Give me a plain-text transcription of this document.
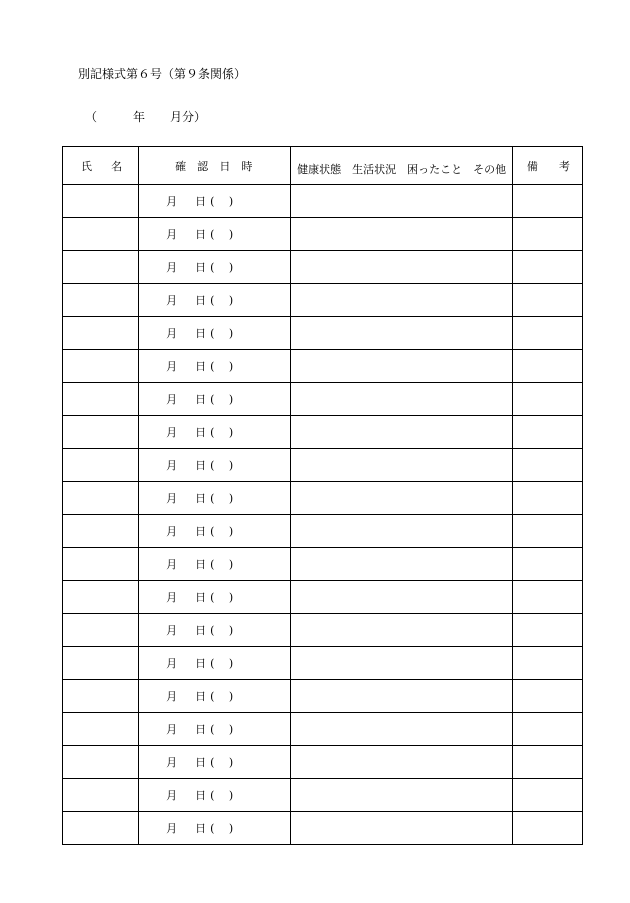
別記様式第６号（第９条関係）
（	年 月分）
氏 名	確 認 日 時	健康状態　生活状況　困ったこと　その他	備 考

	月 日 (　 )		

	月 日 (　 )		

	月 日 (　 )		

	月 日 (　 )		

	月 日 (　 )		

	月 日 (　 )		

	月 日 (　 )		

	月 日 (　 )		

	月 日 (　 )		

	月 日 (　 )		

	月 日 (　 )		

	月 日 (　 )		

	月 日 (　 )		

	月 日 (　 )		

	月 日 (　 )		

	月 日 (　 )		

	月 日 (　 )		

	月 日 (　 )		

	月 日 (　 )		

	月 日 (　 )		
